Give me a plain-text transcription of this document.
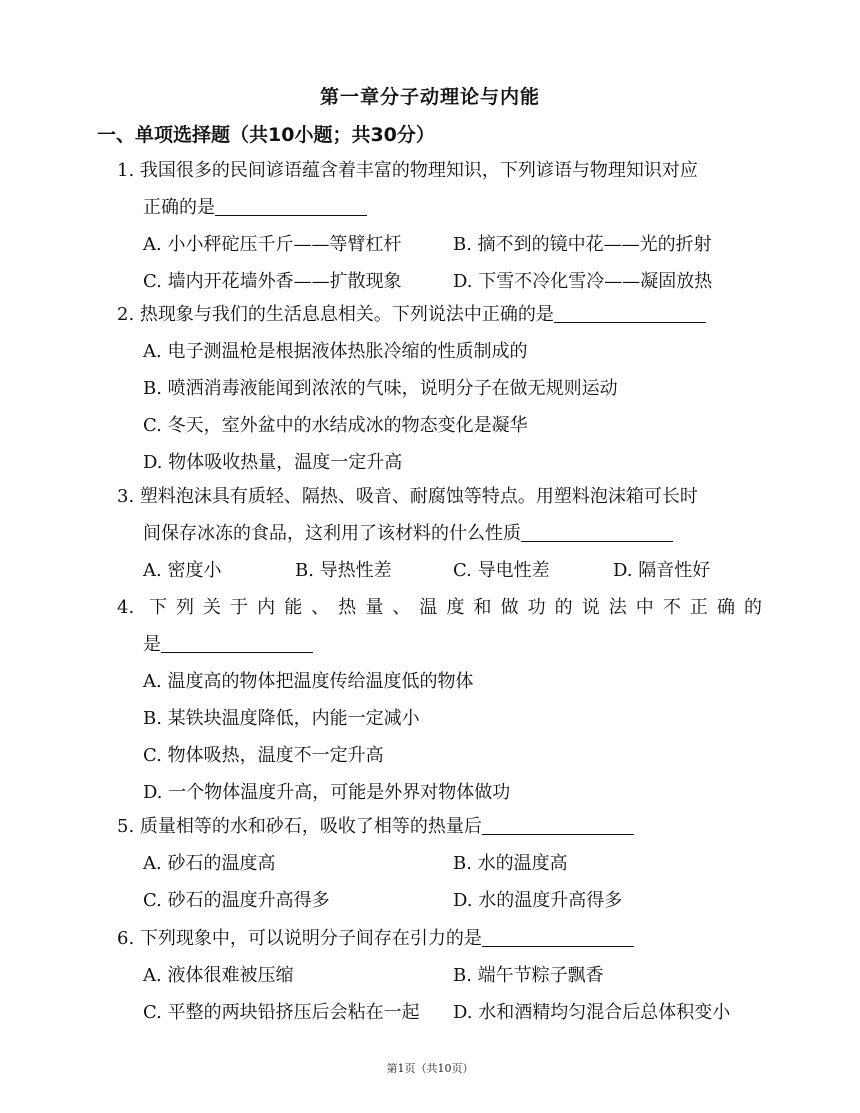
第一章分子动理论与内能
一、单项选择题（共10小题；共30分）
1. 我国很多的民间谚语蕴含着丰富的物理知识，下列谚语与物理知识对应
正确的是
A. 小小秤砣压千斤——等臂杠杆	B. 摘不到的镜中花——光的折射
C. 墙内开花墙外香——扩散现象	D. 下雪不冷化雪冷——凝固放热
2. 热现象与我们的生活息息相关。下列说法中正确的是
A. 电子测温枪是根据液体热胀冷缩的性质制成的
B. 喷洒消毒液能闻到浓浓的气味，说明分子在做无规则运动
C. 冬天，室外盆中的水结成冰的物态变化是凝华
D. 物体吸收热量，温度一定升高
3. 塑料泡沫具有质轻、隔热、吸音、耐腐蚀等特点。用塑料泡沫箱可长时
间保存冰冻的食品，这利用了该材料的什么性质
A. 密度小	B. 导热性差	C. 导电性差	D. 隔音性好
4. 下列关于内能、热量、温度和做功的说法中不正确的
是
A. 温度高的物体把温度传给温度低的物体
B. 某铁块温度降低，内能一定减小
C. 物体吸热，温度不一定升高
D. 一个物体温度升高，可能是外界对物体做功
5. 质量相等的水和砂石，吸收了相等的热量后
A. 砂石的温度高	B. 水的温度高
C. 砂石的温度升高得多	D. 水的温度升高得多
6. 下列现象中，可以说明分子间存在引力的是
A. 液体很难被压缩	B. 端午节粽子飘香
C. 平整的两块铅挤压后会粘在一起 D. 水和酒精均匀混合后总体积变小
第1页（共10页）
